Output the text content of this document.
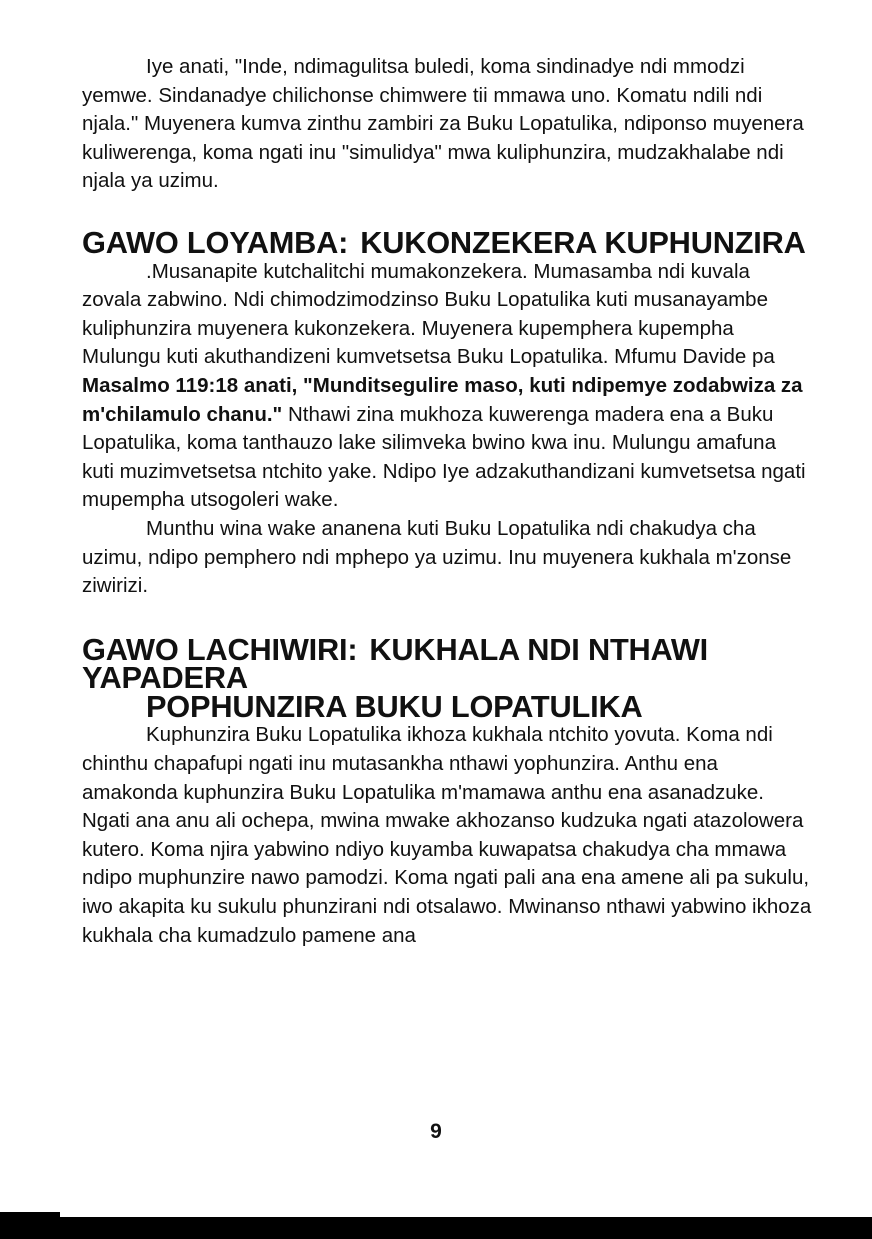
Iye anati, "Inde, ndimagulitsa buledi, koma sindinadye ndi mmodzi yemwe. Sindanadye chilichonse chimwere tii mmawa uno. Komatu ndili ndi njala." Muyenera kumva zinthu zambiri za Buku Lopatulika, ndiponso muyenera kuliwerenga, koma ngati inu "simulidya" mwa kuliphunzira, mudzakhalabe ndi njala ya uzimu.

GAWO LOYAMBA: KUKONZEKERA KUPHUNZIRA

.Musanapite kutchalitchi mumakonzekera. Mumasamba ndi kuvala zovala zabwino. Ndi chimodzimodzinso Buku Lopatulika kuti musanayambe kuliphunzira muyenera kukonzekera. Muyenera kupemphera kupempha Mulungu kuti akuthandizeni kumvetsetsa Buku Lopatulika. Mfumu Davide pa Masalmo 119:18 anati, "Munditsegulire maso, kuti ndipemye zodabwiza za m'chilamulo chanu." Nthawi zina mukhoza kuwerenga madera ena a Buku Lopatulika, koma tanthauzo lake silimveka bwino kwa inu. Mulungu amafuna kuti muzimvetsetsa ntchito yake. Ndipo Iye adzakuthandizani kumvetsetsa ngati mupempha utsogoleri wake.

Munthu wina wake ananena kuti Buku Lopatulika ndi chakudya cha uzimu, ndipo pemphero ndi mphepo ya uzimu. Inu muyenera kukhala m'zonse ziwirizi.

GAWO LACHIWIRI: KUKHALA NDI NTHAWI YAPADERA
POPHUNZIRA BUKU LOPATULIKA

Kuphunzira Buku Lopatulika ikhoza kukhala ntchito yovuta. Koma ndi chinthu chapafupi ngati inu mutasankha nthawi yophunzira. Anthu ena amakonda kuphunzira Buku Lopatulika m'mamawa anthu ena asanadzuke. Ngati ana anu ali ochepa, mwina mwake akhozanso kudzuka ngati atazolowera kutero. Koma njira yabwino ndiyo kuyamba kuwapatsa chakudya cha mmawa ndipo muphunzire nawo pamodzi. Koma ngati pali ana ena amene ali pa sukulu, iwo akapita ku sukulu phunzirani ndi otsalawo. Mwinanso nthawi yabwino ikhoza kukhala cha kumadzulo pamene ana

9
